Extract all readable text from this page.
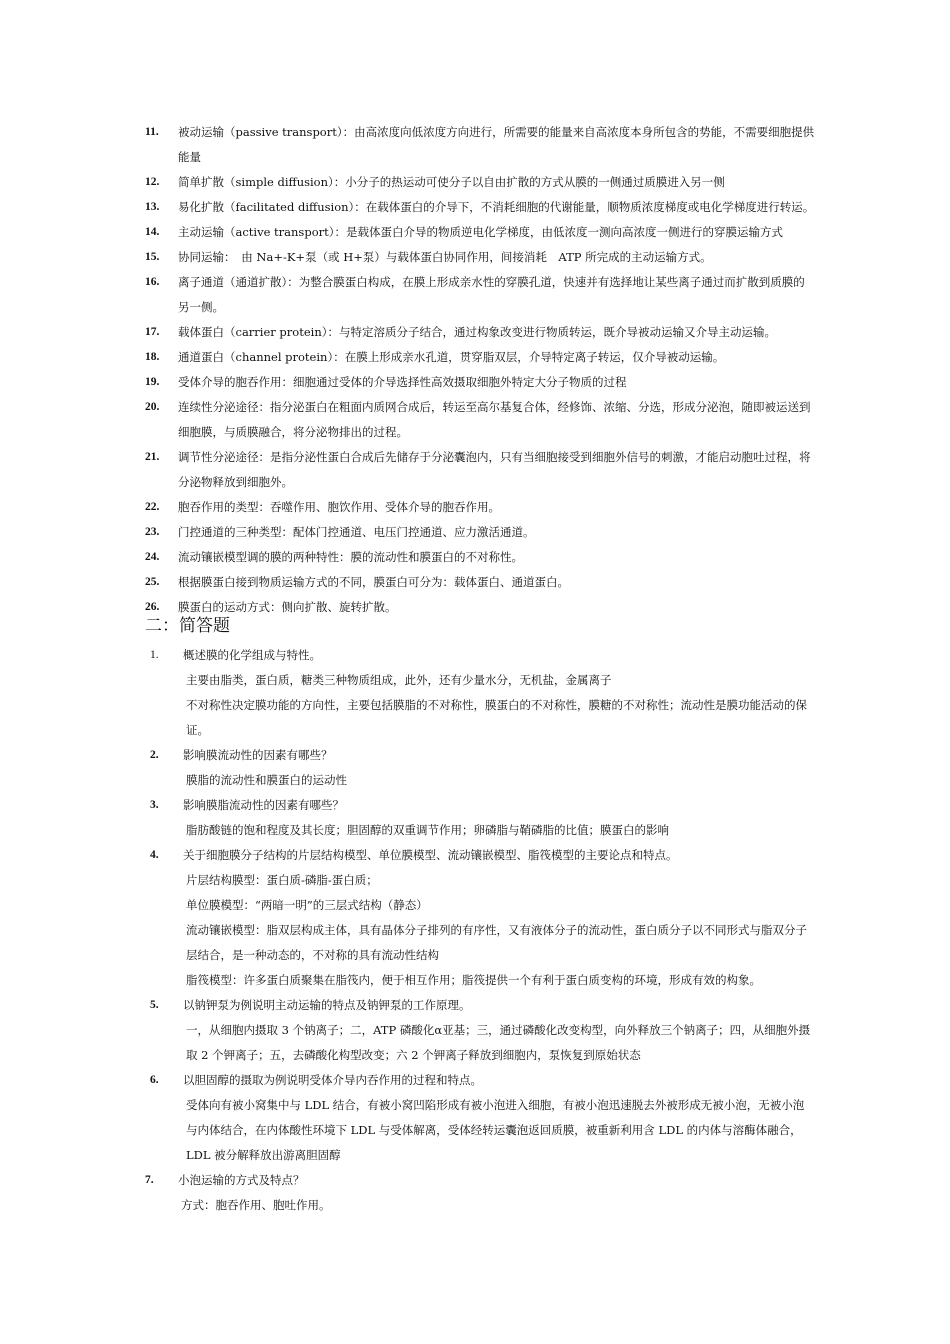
11.	被动运输（passive transport）：由高浓度向低浓度方向进行，所需要的能量来自高浓度本身所包含的势能，不需要细胞提供能量
12.	简单扩散（simple diffusion）：小分子的热运动可使分子以自由扩散的方式从膜的一侧通过质膜进入另一侧
13.	易化扩散（facilitated diffusion）：在载体蛋白的介导下，不消耗细胞的代谢能量，顺物质浓度梯度或电化学梯度进行转运。
14.	主动运输（active transport）：是载体蛋白介导的物质逆电化学梯度，由低浓度一测向高浓度一侧进行的穿膜运输方式
15.	协同运输：　由 Na+-K+泵（或 H+泵）与载体蛋白协同作用，间接消耗　ATP 所完成的主动运输方式。
16.	离子通道（通道扩散）：为整合膜蛋白构成，在膜上形成亲水性的穿膜孔道，快速并有选择地让某些离子通过而扩散到质膜的另一侧。
17.	载体蛋白（carrier protein）：与特定溶质分子结合，通过构象改变进行物质转运，既介导被动运输又介导主动运输。
18.	通道蛋白（channel protein）：在膜上形成亲水孔道，贯穿脂双层，介导特定离子转运，仅介导被动运输。
19.	受体介导的胞吞作用：细胞通过受体的介导选择性高效摄取细胞外特定大分子物质的过程
20.	连续性分泌途径：指分泌蛋白在粗面内质网合成后，转运至高尔基复合体，经修饰、浓缩、分选，形成分泌泡，随即被运送到细胞膜，与质膜融合，将分泌物排出的过程。
21.	调节性分泌途径：是指分泌性蛋白合成后先储存于分泌囊泡内，只有当细胞接受到细胞外信号的刺激，才能启动胞吐过程，将分泌物释放到细胞外。
22.	胞吞作用的类型：吞噬作用、胞饮作用、受体介导的胞吞作用。
23.	门控通道的三种类型：配体门控通道、电压门控通道、应力激活通道。
24.	流动镶嵌模型调的膜的两种特性：膜的流动性和膜蛋白的不对称性。
25.	根据膜蛋白接到物质运输方式的不同，膜蛋白可分为：载体蛋白、通道蛋白。
26.	膜蛋白的运动方式：侧向扩散、旋转扩散。
二：简答题
1.	概述膜的化学组成与特性。
主要由脂类，蛋白质，糖类三种物质组成，此外，还有少量水分，无机盐，金属离子
不对称性决定膜功能的方向性，主要包括膜脂的不对称性，膜蛋白的不对称性，膜糖的不对称性；流动性是膜功能活动的保证。
2.	影响膜流动性的因素有哪些？
膜脂的流动性和膜蛋白的运动性
3.	影响膜脂流动性的因素有哪些？
脂肪酸链的饱和程度及其长度；胆固醇的双重调节作用；卵磷脂与鞘磷脂的比值；膜蛋白的影响
4.	关于细胞膜分子结构的片层结构模型、单位膜模型、流动镶嵌模型、脂筏模型的主要论点和特点。
片层结构膜型：蛋白质-磷脂-蛋白质；
单位膜模型：“两暗一明”的三层式结构（静态）
流动镶嵌模型：脂双层构成主体，具有晶体分子排列的有序性，又有液体分子的流动性，蛋白质分子以不同形式与脂双分子层结合，是一种动态的，不对称的具有流动性结构
脂筏模型：许多蛋白质聚集在脂筏内，便于相互作用；脂筏提供一个有利于蛋白质变构的环境，形成有效的构象。
5.	以钠钾泵为例说明主动运输的特点及钠钾泵的工作原理。
一，从细胞内摄取 3 个钠离子；二，ATP 磷酸化α亚基；三，通过磷酸化改变构型，向外释放三个钠离子；四，从细胞外摄取 2 个钾离子；五，去磷酸化构型改变；六 2 个钾离子释放到细胞内，泵恢复到原始状态
6.	以胆固醇的摄取为例说明受体介导内吞作用的过程和特点。
受体向有被小窝集中与 LDL 结合，有被小窝凹陷形成有被小泡进入细胞，有被小泡迅速脱去外被形成无被小泡，无被小泡与内体结合，在内体酸性环境下 LDL 与受体解离，受体经转运囊泡返回质膜，被重新利用含 LDL 的内体与溶酶体融合，LDL 被分解释放出游离胆固醇
7.	小泡运输的方式及特点？
方式：胞吞作用、胞吐作用。
